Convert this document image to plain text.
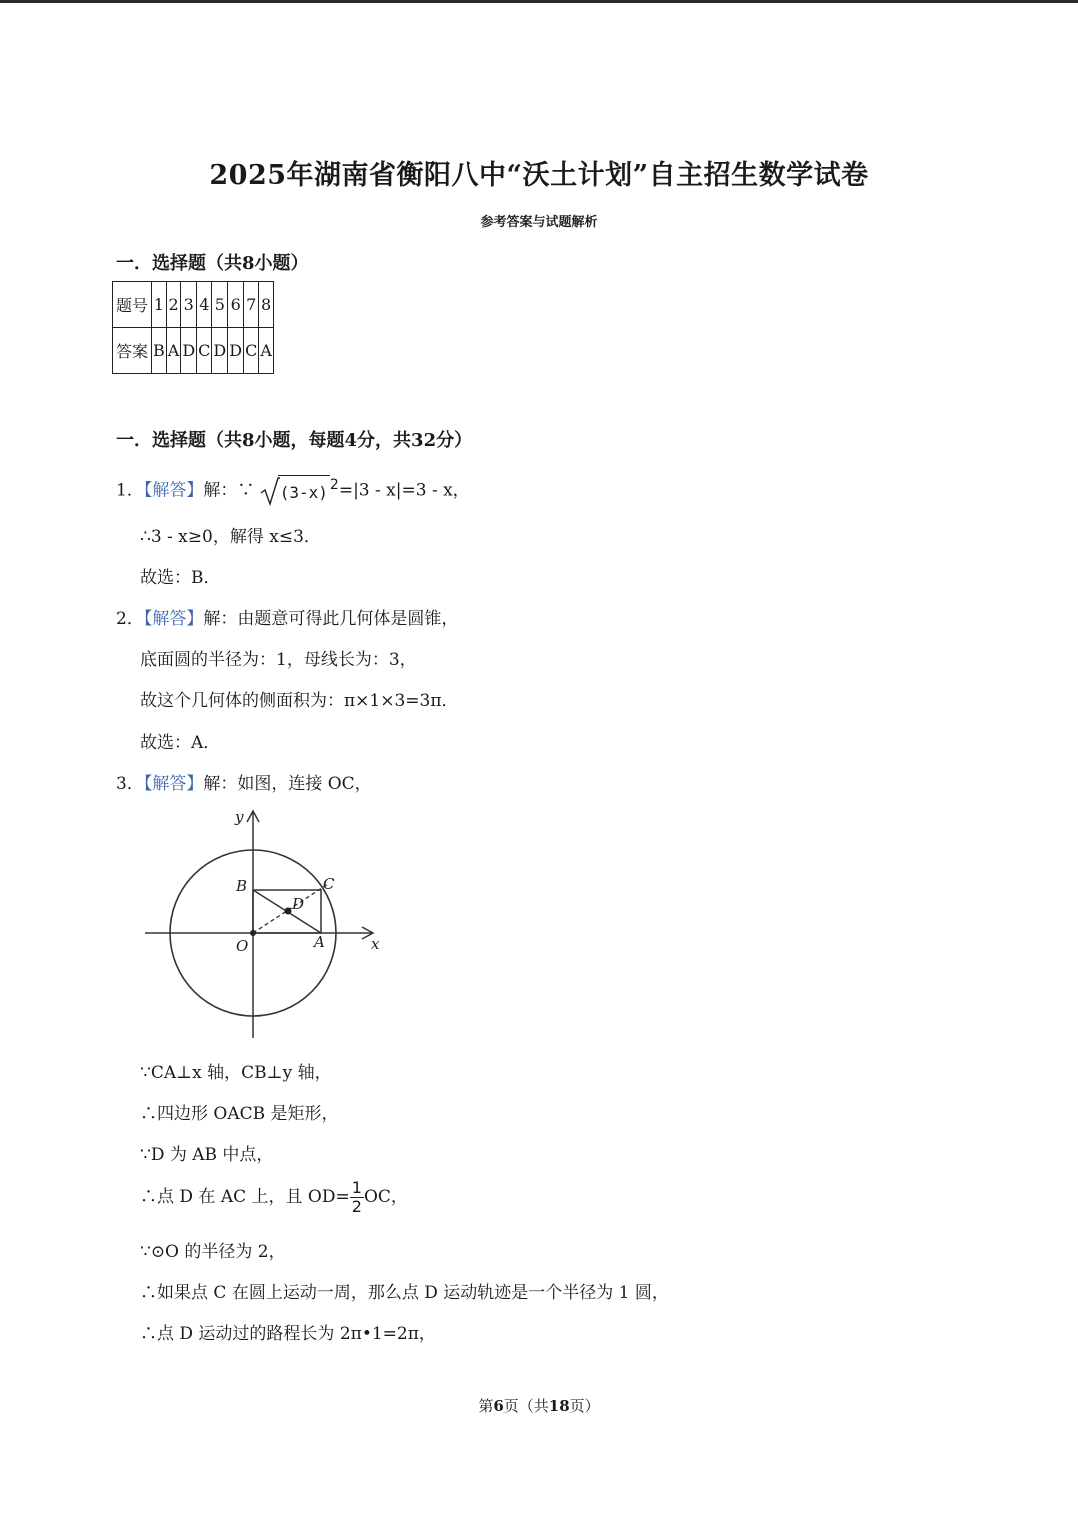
2025年湖南省衡阳八中“沃土计划”自主招生数学试卷
参考答案与试题解析
一．选择题（共8小题）
题号	1	2	3	4	5	6	7	8
答案	B	A	D	C	D	D	C	A
一．选择题（共8小题，每题4分，共32分）
1．【解答】解：∵ (3-x) $^2$=|3 - x|=3 - x，
∴3 - x≥0，解得 x≤3．
故选：B．
2．【解答】解：由题意可得此几何体是圆锥，
底面圆的半径为：1，母线长为：3，
故这个几何体的侧面积为：π×1×3=3π．
故选：A．
3．【解答】解：如图，连接 OC，
y
x
B	C
D
O	A
∵CA⊥x 轴，CB⊥y 轴，
∴四边形 OACB 是矩形，
∵D 为 AB 中点，
∴点 D 在 AC 上，且 $OD= \frac{1}{2}$ OC，
∵⊙O 的半径为 2，
∴如果点 C 在圆上运动一周，那么点 D 运动轨迹是一个半径为 1 圆，
∴点 D 运动过的路程长为 2π•1=2π，
第6页（共18页）
